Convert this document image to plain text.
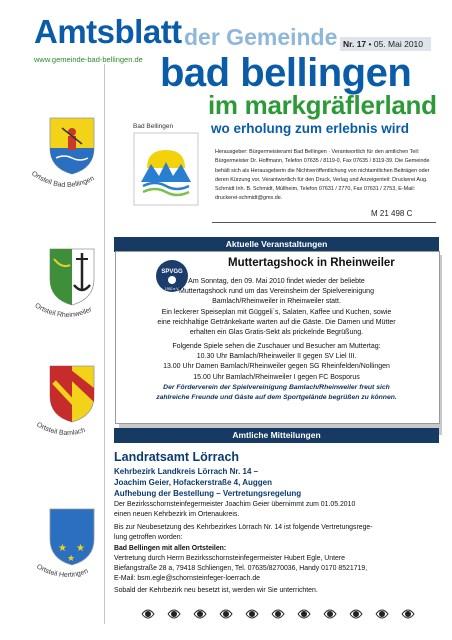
Amtsblatt der Gemeinde Nr. 17 • 05. Mai 2010
www.gemeinde-bad-bellingen.de bad bellingen
im markgräflerland
wo erholung zum erlebnis wird
Bad Bellingen
Herausgeber: Bürgermeisteramt Bad Bellingen · Verantwortlich für den amtlichen Teil: Bürgermeister Dr. Hoffmann, Telefon 07635 / 8119-0, Fax 07635 / 8119-39. Die Gemeinde behält sich als Herausgeberin die Nichtveröffentlichung von nichtamtlichen Beiträgen oder deren Kürzung vor. Verantwortlich für den Druck, Verlag und Anzeigenteil: Druckerei Aug. Schmidt Inh. B. Schmidt, Müllheim, Telefon 07631 / 2770, Fax 07631 / 2753, E-Mail: druckerei-schmidt@gmx.de.
M 21 498 C
Ortsteil Bad Bellingen
Ortsteil Rheinweiler
Ortsteil Bamlach
★ ★
★
Ortsteil Hertingen
Aktuelle Veranstaltungen
SPVGG
1952 e.V.
Muttertagshock in Rheinweiler
Am Sonntag, den 09. Mai 2010 findet wieder der beliebte
Muttertagshock rund um das Vereinsheim der Spielvereinigung
Bamlach/Rheinweiler in Rheinweiler statt.
Ein leckerer Speiseplan mit Güggeli`s, Salaten, Kaffee und Kuchen, sowie
eine reichhaltige Getränkekarte warten auf die Gäste. Die Damen und Mütter
erhalten ein Glas Gratis-Sekt als prickelnde Begrüßung.
Folgende Spiele sehen die Zuschauer und Besucher am Muttertag:
10.30 Uhr Bamlach/Rheinweiler II gegen SV Liel III.
13.00 Uhr Damen Bamlach/Rheinweiler gegen SG Rheinfelden/Nollingen
15.00 Uhr Bamlach/Rheinweiler I gegen FC Bosporus
Der Förderverein der Spielvereinigung Bamlach/Rheinweiler freut sich
zahlreiche Freunde und Gäste auf dem Sportgelände begrüßen zu können.
Amtliche Mitteilungen
Landratsamt Lörrach
Kehrbezirk Landkreis Lörrach Nr. 14 –
Joachim Geier, Hofackerstraße 4, Auggen
Aufhebung der Bestellung – Vertretungsregelung
Der Bezirksschornsteinfegermeister Joachim Geier übernimmt zum 01.05.2010
einen neuen Kehrbezirk im Ortenaukreis.
Bis zur Neubesetzung des Kehrbezirkes Lörrach Nr. 14 ist folgende Vertretungsrege-
lung getroffen worden:
Bad Bellingen mit allen Ortsteilen:
Vertretung durch Herrn Bezirksschornsteinfegermeister Hubert Egle, Untere
Biefangstraße 28 a, 79418 Schliengen, Tel. 07635/8270036, Handy 0170 8521719,
E-Mail: bsm.egle@schornsteinfeger-loerrach.de
Sobald der Kehrbezirk neu besetzt ist, werden wir Sie unterrichten.
